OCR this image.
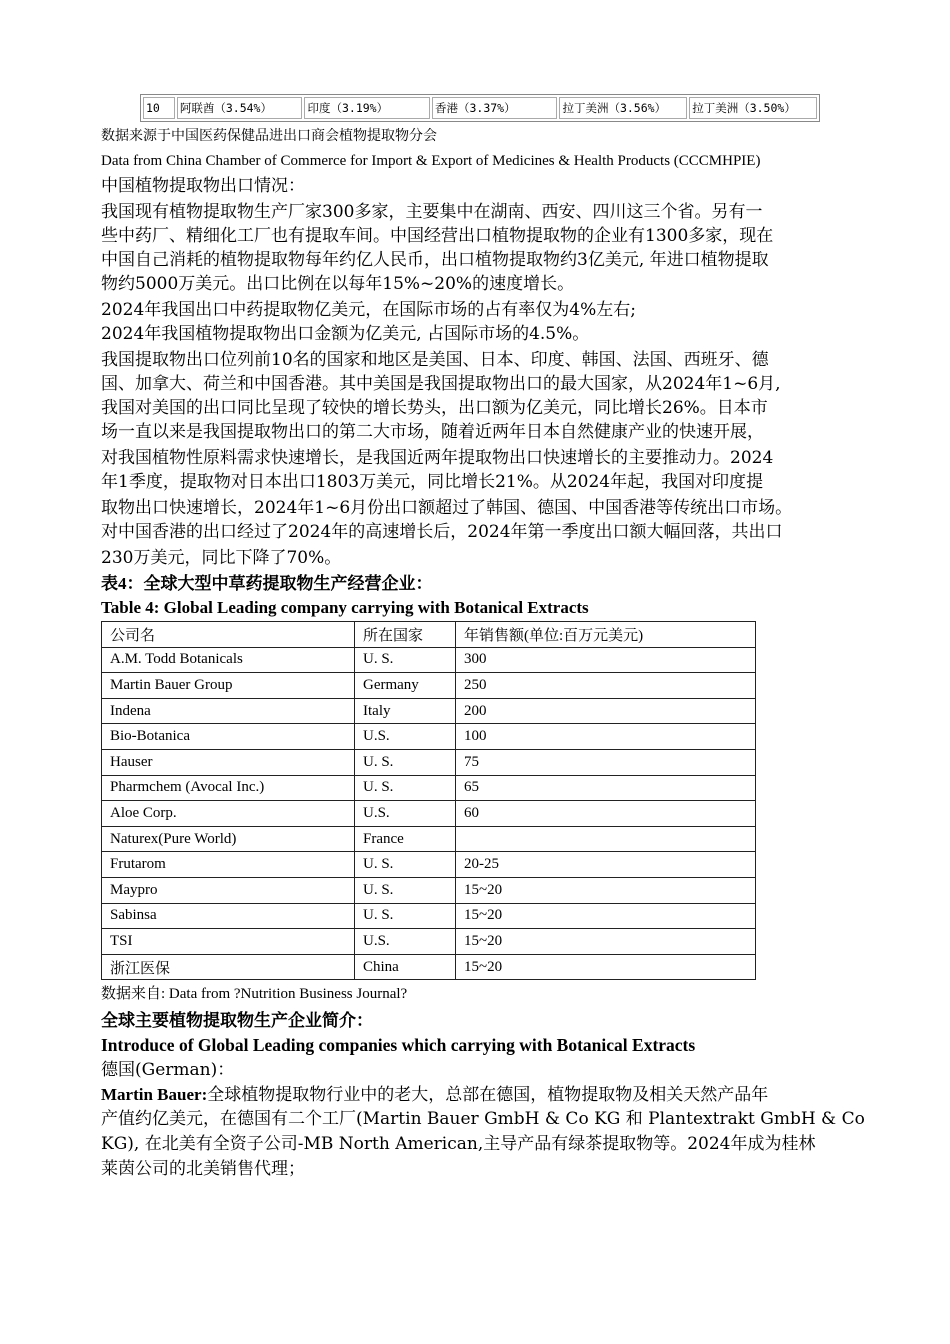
10	阿联酋（3.54%）	印度（3.19%）	香港（3.37%）	拉丁美洲（3.56%）	拉丁美洲（3.50%）
数据来源于中国医药保健品进出口商会植物提取物分会
Data from China Chamber of Commerce for Import & Export of Medicines & Health Products (CCCMHPIE)
中国植物提取物出口情况：
我国现有植物提取物生产厂家300多家，主要集中在湖南、西安、四川这三个省。另有一
些中药厂、精细化工厂也有提取车间。中国经营出口植物提取物的企业有1300多家，现在
中国自己消耗的植物提取物每年约亿人民币，出口植物提取物约3亿美元, 年进口植物提取
物约5000万美元。出口比例在以每年15%~20%的速度增长。
2024年我国出口中药提取物亿美元，在国际市场的占有率仅为4%左右;
2024年我国植物提取物出口金额为亿美元, 占国际市场的4.5%。
我国提取物出口位列前10名的国家和地区是美国、日本、印度、韩国、法国、西班牙、德
国、加拿大、荷兰和中国香港。其中美国是我国提取物出口的最大国家，从2024年1~6月,
我国对美国的出口同比呈现了较快的增长势头，出口额为亿美元，同比增长26%。日本市
场一直以来是我国提取物出口的第二大市场，随着近两年日本自然健康产业的快速开展，
对我国植物性原料需求快速增长，是我国近两年提取物出口快速增长的主要推动力。2024
年1季度，提取物对日本出口1803万美元，同比增长21%。从2024年起，我国对印度提
取物出口快速增长，2024年1~6月份出口额超过了韩国、德国、中国香港等传统出口市场。
对中国香港的出口经过了2024年的高速增长后，2024年第一季度出口额大幅回落，共出口
230万美元，同比下降了70%。
表4：全球大型中草药提取物生产经营企业：
Table 4: Global Leading company carrying with Botanical Extracts
公司名	所在国家	年销售额(单位:百万元美元)
A.M. Todd Botanicals	U. S.	300
Martin Bauer Group	Germany	250
Indena	Italy	200
Bio-Botanica	U.S.	100
Hauser	U. S.	75
Pharmchem (Avocal Inc.)	U. S.	65
Aloe Corp.	U.S.	60
Naturex(Pure World)	France	
Frutarom	U. S.	20-25
Maypro	U. S.	15~20
Sabinsa	U. S.	15~20
TSI	U.S.	15~20
浙江医保	China	15~20
数据来自: Data from ?Nutrition Business Journal?
全球主要植物提取物生产企业简介：
Introduce of Global Leading companies which carrying with Botanical Extracts
德国(German)：
Martin Bauer:全球植物提取物行业中的老大，总部在德国，植物提取物及相关天然产品年
产值约亿美元，在德国有二个工厂(Martin Bauer GmbH & Co KG 和 Plantextrakt GmbH & Co
KG), 在北美有全资子公司-MB North American,主导产品有绿茶提取物等。2024年成为桂林
莱茵公司的北美销售代理；
